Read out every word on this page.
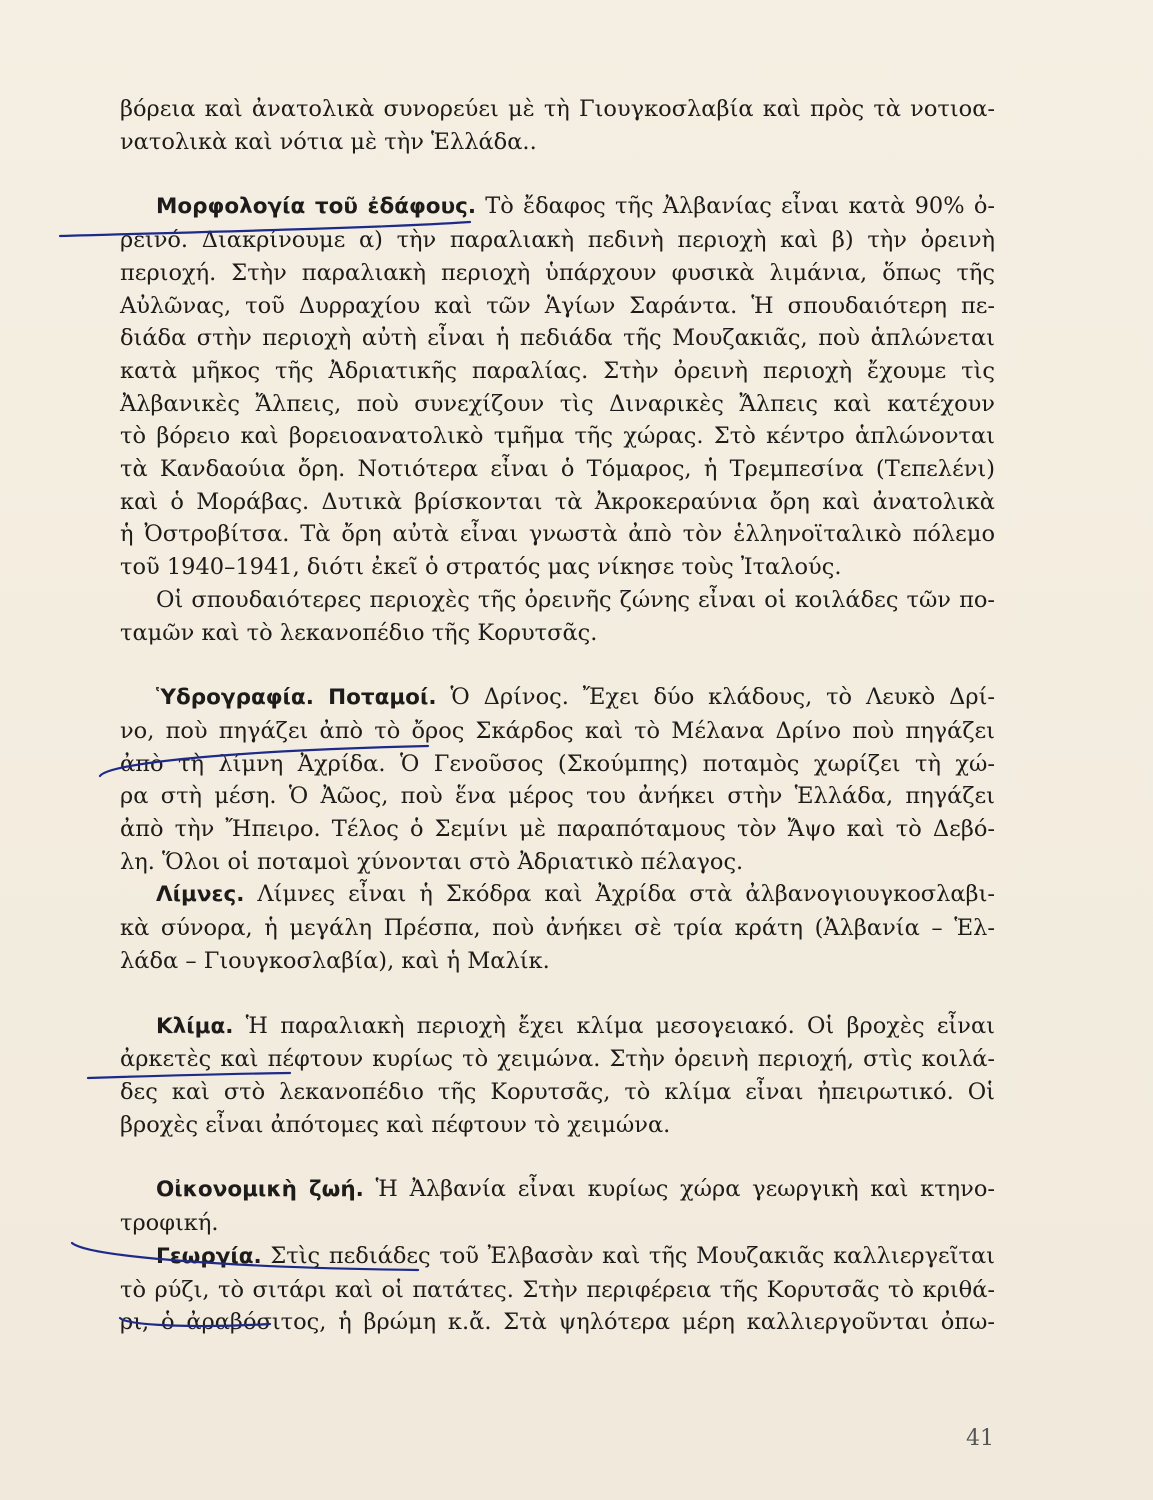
βόρεια καὶ ἀνατολικὰ συνορεύει μὲ τὴ Γιουγκοσλαβία καὶ πρὸς τὰ νοτιοα-
νατολικὰ καὶ νότια μὲ τὴν Ἑλλάδα..
Μορφολογία τοῦ ἐδάφους. Τὸ ἔδαφος τῆς Ἀλβανίας εἶναι κατὰ 90% ὀ-
ρεινό. Διακρίνουμε α) τὴν παραλιακὴ πεδινὴ περιοχὴ καὶ β) τὴν ὀρεινὴ
περιοχή. Στὴν παραλιακὴ περιοχὴ ὑπάρχουν φυσικὰ λιμάνια, ὅπως τῆς
Αὐλῶνας, τοῦ Δυρραχίου καὶ τῶν Ἁγίων Σαράντα. Ἡ σπουδαιότερη πε-
διάδα στὴν περιοχὴ αὐτὴ εἶναι ἡ πεδιάδα τῆς Μουζακιᾶς, ποὺ ἁπλώνεται
κατὰ μῆκος τῆς Ἀδριατικῆς παραλίας. Στὴν ὀρεινὴ περιοχὴ ἔχουμε τὶς
Ἀλβανικὲς Ἄλπεις, ποὺ συνεχίζουν τὶς Διναρικὲς Ἄλπεις καὶ κατέχουν
τὸ βόρειο καὶ βορειοανατολικὸ τμῆμα τῆς χώρας. Στὸ κέντρο ἁπλώνονται
τὰ Κανδαούια ὄρη. Νοτιότερα εἶναι ὁ Τόμαρος, ἡ Τρεμπεσίνα (Τεπελένι)
καὶ ὁ Μοράβας. Δυτικὰ βρίσκονται τὰ Ἀκροκεραύνια ὄρη καὶ ἀνατολικὰ
ἡ Ὀστροβίτσα. Τὰ ὄρη αὐτὰ εἶναι γνωστὰ ἀπὸ τὸν ἑλληνοϊταλικὸ πόλεμο
τοῦ 1940–1941, διότι ἐκεῖ ὁ στρατός μας νίκησε τοὺς Ἰταλούς.
Οἱ σπουδαιότερες περιοχὲς τῆς ὀρεινῆς ζώνης εἶναι οἱ κοιλάδες τῶν πο-
ταμῶν καὶ τὸ λεκανοπέδιο τῆς Κορυτσᾶς.
Ὑδρογραφία. Ποταμοί. Ὁ Δρίνος. Ἔχει δύο κλάδους, τὸ Λευκὸ Δρί-
νο, ποὺ πηγάζει ἀπὸ τὸ ὄρος Σκάρδος καὶ τὸ Μέλανα Δρίνο ποὺ πηγάζει
ἀπὸ τὴ λίμνη Ἀχρίδα. Ὁ Γενοῦσος (Σκούμπης) ποταμὸς χωρίζει τὴ χώ-
ρα στὴ μέση. Ὁ Ἀῶος, ποὺ ἕνα μέρος του ἀνήκει στὴν Ἑλλάδα, πηγάζει
ἀπὸ τὴν Ἤπειρο. Τέλος ὁ Σεμίνι μὲ παραπόταμους τὸν Ἄψο καὶ τὸ Δεβό-
λη. Ὅλοι οἱ ποταμοὶ χύνονται στὸ Ἀδριατικὸ πέλαγος.
Λίμνες. Λίμνες εἶναι ἡ Σκόδρα καὶ Ἀχρίδα στὰ ἀλβανογιουγκοσλαβι-
κὰ σύνορα, ἡ μεγάλη Πρέσπα, ποὺ ἀνήκει σὲ τρία κράτη (Ἀλβανία – Ἑλ-
λάδα – Γιουγκοσλαβία), καὶ ἡ Μαλίκ.
Κλίμα. Ἡ παραλιακὴ περιοχὴ ἔχει κλίμα μεσογειακό. Οἱ βροχὲς εἶναι
ἀρκετὲς καὶ πέφτουν κυρίως τὸ χειμώνα. Στὴν ὀρεινὴ περιοχή, στὶς κοιλά-
δες καὶ στὸ λεκανοπέδιο τῆς Κορυτσᾶς, τὸ κλίμα εἶναι ἠπειρωτικό. Οἱ
βροχὲς εἶναι ἀπότομες καὶ πέφτουν τὸ χειμώνα.
Οἰκονομικὴ ζωή. Ἡ Ἀλβανία εἶναι κυρίως χώρα γεωργικὴ καὶ κτηνο-
τροφική.
Γεωργία. Στὶς πεδιάδες τοῦ Ἐλβασὰν καὶ τῆς Μουζακιᾶς καλλιεργεῖται
τὸ ρύζι, τὸ σιτάρι καὶ οἱ πατάτες. Στὴν περιφέρεια τῆς Κορυτσᾶς τὸ κριθά-
ρι, ὁ ἀραβόσιτος, ἡ βρώμη κ.ἄ. Στὰ ψηλότερα μέρη καλλιεργοῦνται ὀπω-
41
